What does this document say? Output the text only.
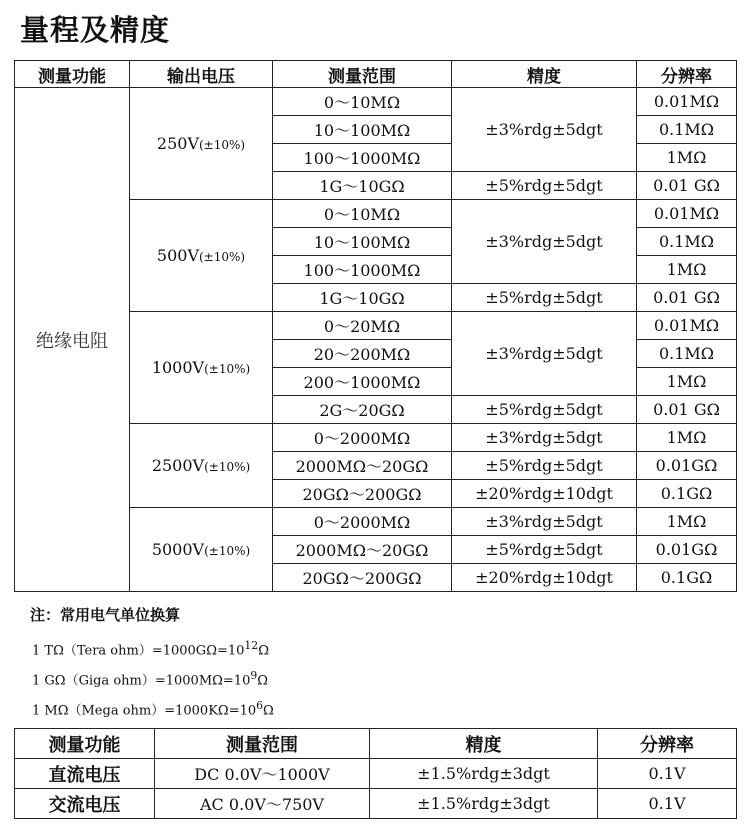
量程及精度
测量功能	输出电压	测量范围	精度	分辨率
绝缘电阻	250V(±10%)	0～10MΩ	±3%rdg±5dgt	0.01MΩ
		10～100MΩ		0.1MΩ
		100～1000MΩ		1MΩ
		1G～10GΩ	±5%rdg±5dgt	0.01 GΩ
	500V(±10%)	0～10MΩ	±3%rdg±5dgt	0.01MΩ
		10～100MΩ		0.1MΩ
		100～1000MΩ		1MΩ
		1G～10GΩ	±5%rdg±5dgt	0.01 GΩ
	1000V(±10%)	0～20MΩ	±3%rdg±5dgt	0.01MΩ
		20～200MΩ		0.1MΩ
		200～1000MΩ		1MΩ
		2G～20GΩ	±5%rdg±5dgt	0.01 GΩ
	2500V(±10%)	0～2000MΩ	±3%rdg±5dgt	1MΩ
		2000MΩ～20GΩ	±5%rdg±5dgt	0.01GΩ
		20GΩ～200GΩ	±20%rdg±10dgt	0.1GΩ
	5000V(±10%)	0～2000MΩ	±3%rdg±5dgt	1MΩ
		2000MΩ～20GΩ	±5%rdg±5dgt	0.01GΩ
		20GΩ～200GΩ	±20%rdg±10dgt	0.1GΩ
注：常用电气单位换算
1 TΩ（Tera $ohm)=1000G\Omega=10^{12}\Omega$
1 GΩ（Giga $ohm)=1000M\Omega=10^9\Omega$
1 MΩ（Mega $ohm)=1000K\Omega=10^6\Omega$
测量功能	测量范围	精度	分辨率
直流电压	DC 0.0V～1000V	±1.5%rdg±3dgt	0.1V
交流电压	AC 0.0V～750V	±1.5%rdg±3dgt	0.1V
